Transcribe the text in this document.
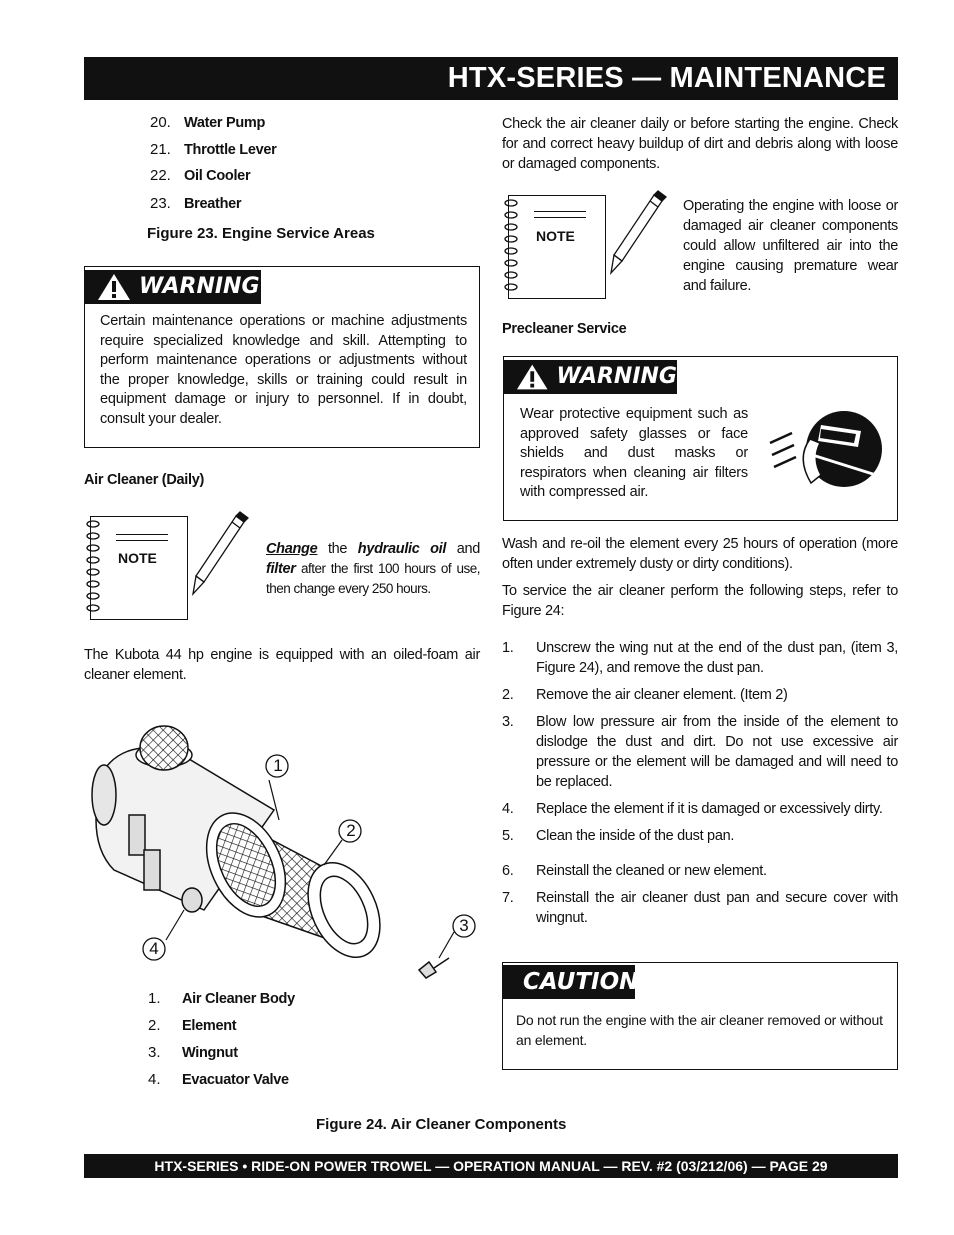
HTX-SERIES — MAINTENANCE
20. Water Pump
21. Throttle Lever
22. Oil Cooler
23. Breather
Figure 23. Engine Service Areas
WARNING
Certain maintenance operations or machine adjustments require specialized knowledge and skill. Attempting to perform maintenance operations or adjustments without the proper knowledge, skills or training could result in equipment damage or injury to personnel. If in doubt, consult your dealer.
Air Cleaner (Daily)
NOTE
Change the hydraulic oil and filter after the first 100 hours of use, then change every 250 hours.
The Kubota 44 hp engine is equipped with an oiled-foam air cleaner element.
1
2
3
4
1. Air Cleaner Body
2. Element
3. Wingnut
4. Evacuator Valve
Figure 24. Air Cleaner Components
Check the air cleaner daily or before starting the engine. Check for and correct heavy buildup of dirt and debris along with loose or damaged components.
NOTE
Operating the engine with loose or damaged air cleaner components could allow unfiltered air into the engine causing premature wear and failure.
Precleaner Service
WARNING
Wear protective equipment such as approved safety glasses or face shields and dust masks or respirators when cleaning air filters with compressed air.
Wash and re-oil the element every 25 hours of operation (more often under extremely dusty or dirty conditions).
To service the air cleaner perform the following steps, refer to Figure 24:
1.	Unscrew the wing nut at the end of the dust pan, (item 3, Figure 24), and remove the dust pan.
2.	Remove the air cleaner element. (Item 2)
3.	Blow low pressure air from the inside of the element to dislodge the dust and dirt. Do not use excessive air pressure or the element will be damaged and will need to be replaced.
4.	Replace the element if it is damaged or excessively dirty.
5.	Clean the inside of the dust pan.
6.	Reinstall the cleaned or new element.
7.	Reinstall the air cleaner dust pan and secure cover with wingnut.
CAUTION
Do not run the engine with the air cleaner removed or without an element.
HTX-SERIES • RIDE-ON POWER TROWEL — OPERATION MANUAL — REV. #2 (03/212/06) — PAGE 29
